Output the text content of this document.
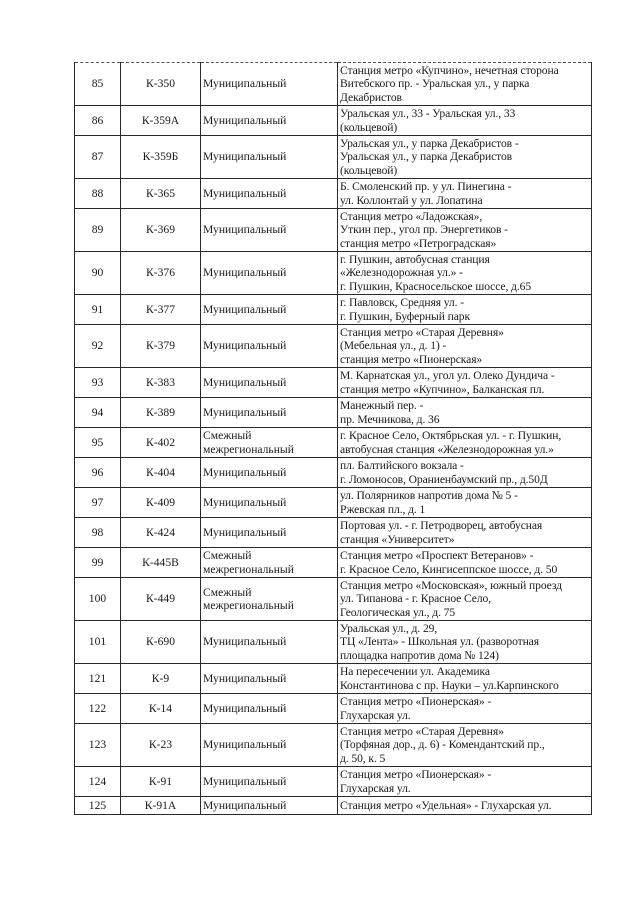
85	К-350	Муниципальный	Станция метро «Купчино», нечетная сторона
Витебского пр. - Уральская ул., у парка
Декабристов
86	К-359А	Муниципальный	Уральская ул., 33 - Уральская ул., 33
(кольцевой)
87	К-359Б	Муниципальный	Уральская ул., у парка Декабристов -
Уральская ул., у парка Декабристов
(кольцевой)
88	К-365	Муниципальный	Б. Смоленский пр. у ул. Пинегина -
ул. Коллонтай у ул. Лопатина
89	К-369	Муниципальный	Станция метро «Ладожская»,
Уткин пер., угол пр. Энергетиков -
станция метро «Петроградская»
90	К-376	Муниципальный	г. Пушкин, автобусная станция
«Железнодорожная ул.» -
г. Пушкин, Красносельское шоссе, д.65
91	К-377	Муниципальный	г. Павловск, Средняя ул. -
г. Пушкин, Буферный парк
92	К-379	Муниципальный	Станция метро «Старая Деревня»
(Мебельная ул., д. 1) -
станция метро «Пионерская»
93	К-383	Муниципальный	М. Карнатская ул., угол ул. Олеко Дундича -
станция метро «Купчино», Балканская пл.
94	К-389	Муниципальный	Манежный пер. -
пр. Мечникова, д. 36
95	К-402	Смежный
межрегиональный	г. Красное Село, Октябрьская ул. - г. Пушкин,
автобусная станция «Железнодорожная ул.»
96	К-404	Муниципальный	пл. Балтийского вокзала -
г. Ломоносов, Ораниенбаумский пр., д.50Д
97	К-409	Муниципальный	ул. Полярников напротив дома № 5 -
Ржевская пл., д. 1
98	К-424	Муниципальный	Портовая ул. - г. Петродворец, автобусная
станция «Университет»
99	К-445В	Смежный
межрегиональный	Станция метро «Проспект Ветеранов» -
г. Красное Село, Кингисеппское шоссе, д. 50
100	К-449	Смежный
межрегиональный	Станция метро «Московская», южный проезд
ул. Типанова - г. Красное Село,
Геологическая ул., д. 75
101	К-690	Муниципальный	Уральская ул., д. 29,
ТЦ «Лента» - Школьная ул. (разворотная
площадка напротив дома № 124)
121	К-9	Муниципальный	На пересечении ул. Академика
Константинова с пр. Науки – ул.Карпинского
122	К-14	Муниципальный	Станция метро «Пионерская» -
Глухарская ул.
123	К-23	Муниципальный	Станция метро «Старая Деревня»
(Торфяная дор., д. 6) - Комендантский пр.,
д. 50, к. 5
124	К-91	Муниципальный	Станция метро «Пионерская» -
Глухарская ул.
125	К-91А	Муниципальный	Станция метро «Удельная» - Глухарская ул.
